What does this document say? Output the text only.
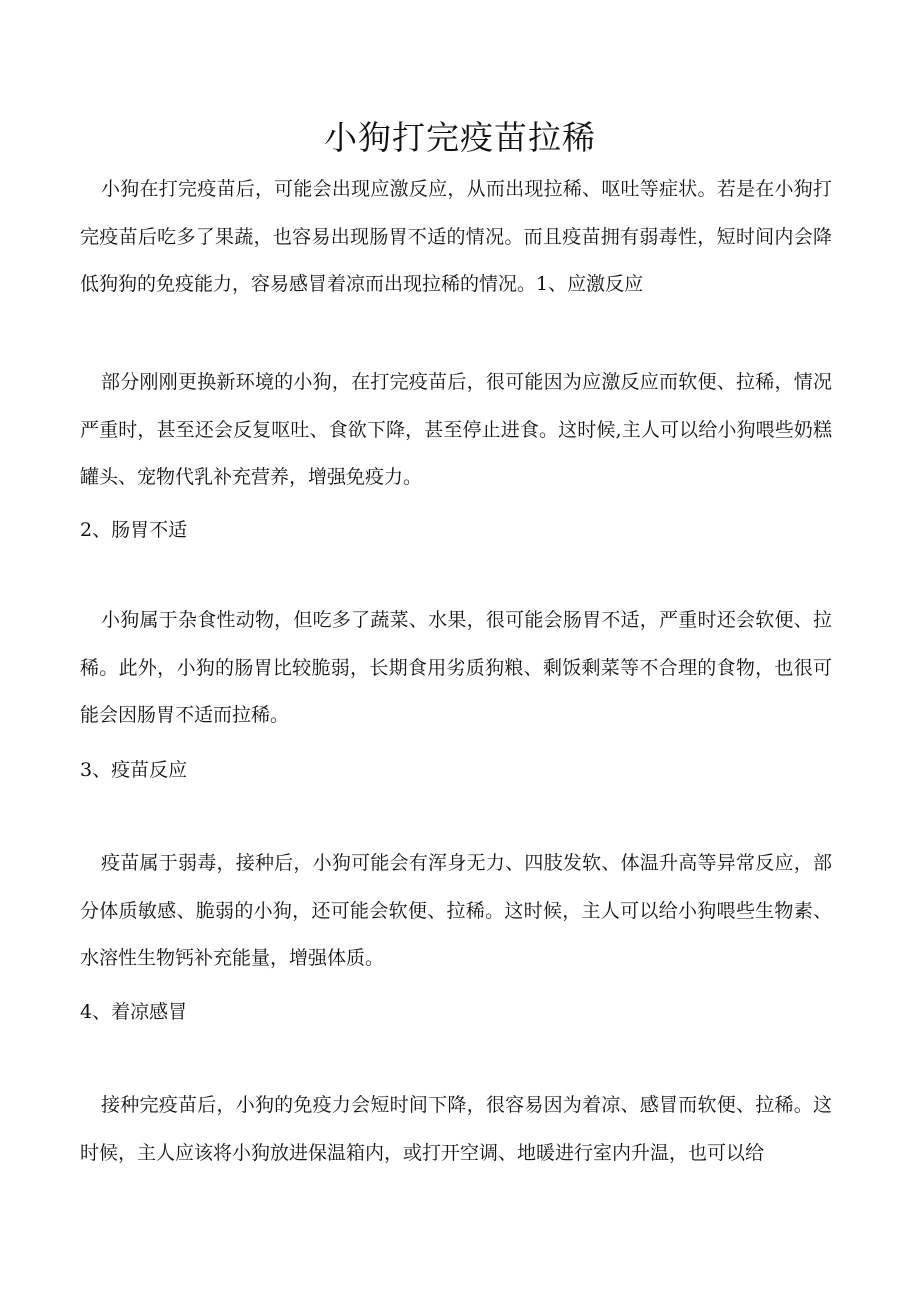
小狗打完疫苗拉稀

小狗在打完疫苗后，可能会出现应激反应，从而出现拉稀、呕吐等症状。若是在小狗打完疫苗后吃多了果蔬，也容易出现肠胃不适的情况。而且疫苗拥有弱毒性，短时间内会降低狗狗的免疫能力，容易感冒着凉而出现拉稀的情况。1、应激反应

部分刚刚更换新环境的小狗，在打完疫苗后，很可能因为应激反应而软便、拉稀，情况严重时，甚至还会反复呕吐、食欲下降，甚至停止进食。这时候,主人可以给小狗喂些奶糕罐头、宠物代乳补充营养，增强免疫力。

2、肠胃不适

小狗属于杂食性动物，但吃多了蔬菜、水果，很可能会肠胃不适，严重时还会软便、拉稀。此外，小狗的肠胃比较脆弱，长期食用劣质狗粮、剩饭剩菜等不合理的食物，也很可能会因肠胃不适而拉稀。

3、疫苗反应

疫苗属于弱毒，接种后，小狗可能会有浑身无力、四肢发软、体温升高等异常反应，部分体质敏感、脆弱的小狗，还可能会软便、拉稀。这时候，主人可以给小狗喂些生物素、水溶性生物钙补充能量，增强体质。

4、着凉感冒

接种完疫苗后，小狗的免疫力会短时间下降，很容易因为着凉、感冒而软便、拉稀。这时候，主人应该将小狗放进保温箱内，或打开空调、地暖进行室内升温，也可以给
